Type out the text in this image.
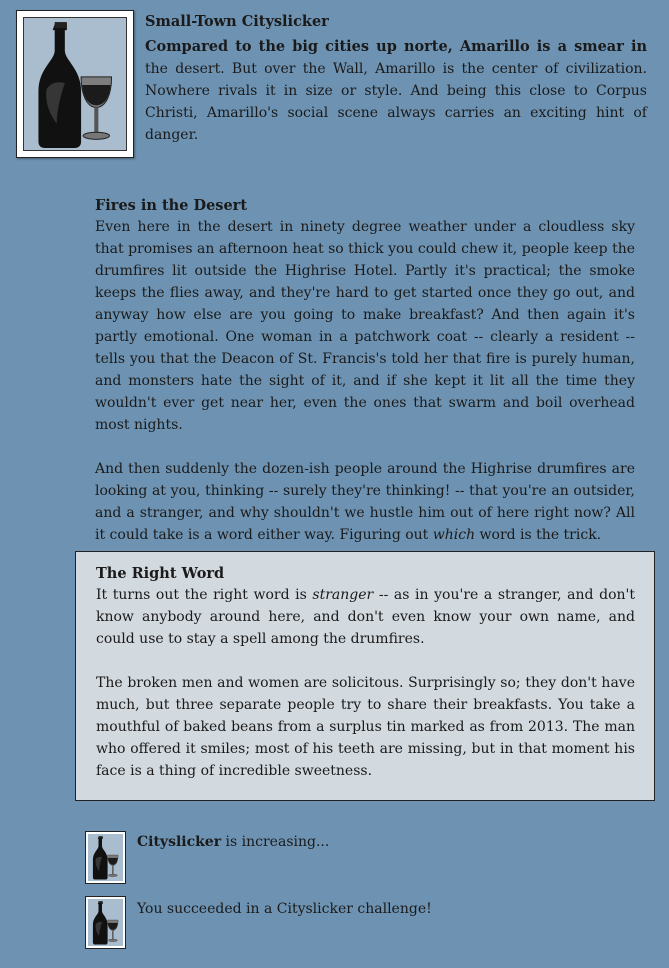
Small-Town Cityslicker
Compared to the big cities up norte, Amarillo is a smear in the desert. But over the Wall, Amarillo is the center of civilization. Nowhere rivals it in size or style. And being this close to Corpus Christi, Amarillo's social scene always carries an exciting hint of danger.
Fires in the Desert

Even here in the desert in ninety degree weather under a cloudless sky that promises an afternoon heat so thick you could chew it, people keep the drumfires lit outside the Highrise Hotel. Partly it's practical; the smoke keeps the flies away, and they're hard to get started once they go out, and anyway how else are you going to make breakfast? And then again it's partly emotional. One woman in a patchwork coat -- clearly a resident -- tells you that the Deacon of St. Francis's told her that fire is purely human, and monsters hate the sight of it, and if she kept it lit all the time they wouldn't ever get near her, even the ones that swarm and boil overhead most nights.

And then suddenly the dozen-ish people around the Highrise drumfires are looking at you, thinking -- surely they're thinking! -- that you're an outsider, and a stranger, and why shouldn't we hustle him out of here right now? All it could take is a word either way. Figuring out which word is the trick.

The Right Word

It turns out the right word is stranger -- as in you're a stranger, and don't know anybody around here, and don't even know your own name, and could use to stay a spell among the drumfires.

The broken men and women are solicitous. Surprisingly so; they don't have much, but three separate people try to share their breakfasts. You take a mouthful of baked beans from a surplus tin marked as from 2013. The man who offered it smiles; most of his teeth are missing, but in that moment his face is a thing of incredible sweetness.

Cityslicker is increasing...
You succeeded in a Cityslicker challenge!
